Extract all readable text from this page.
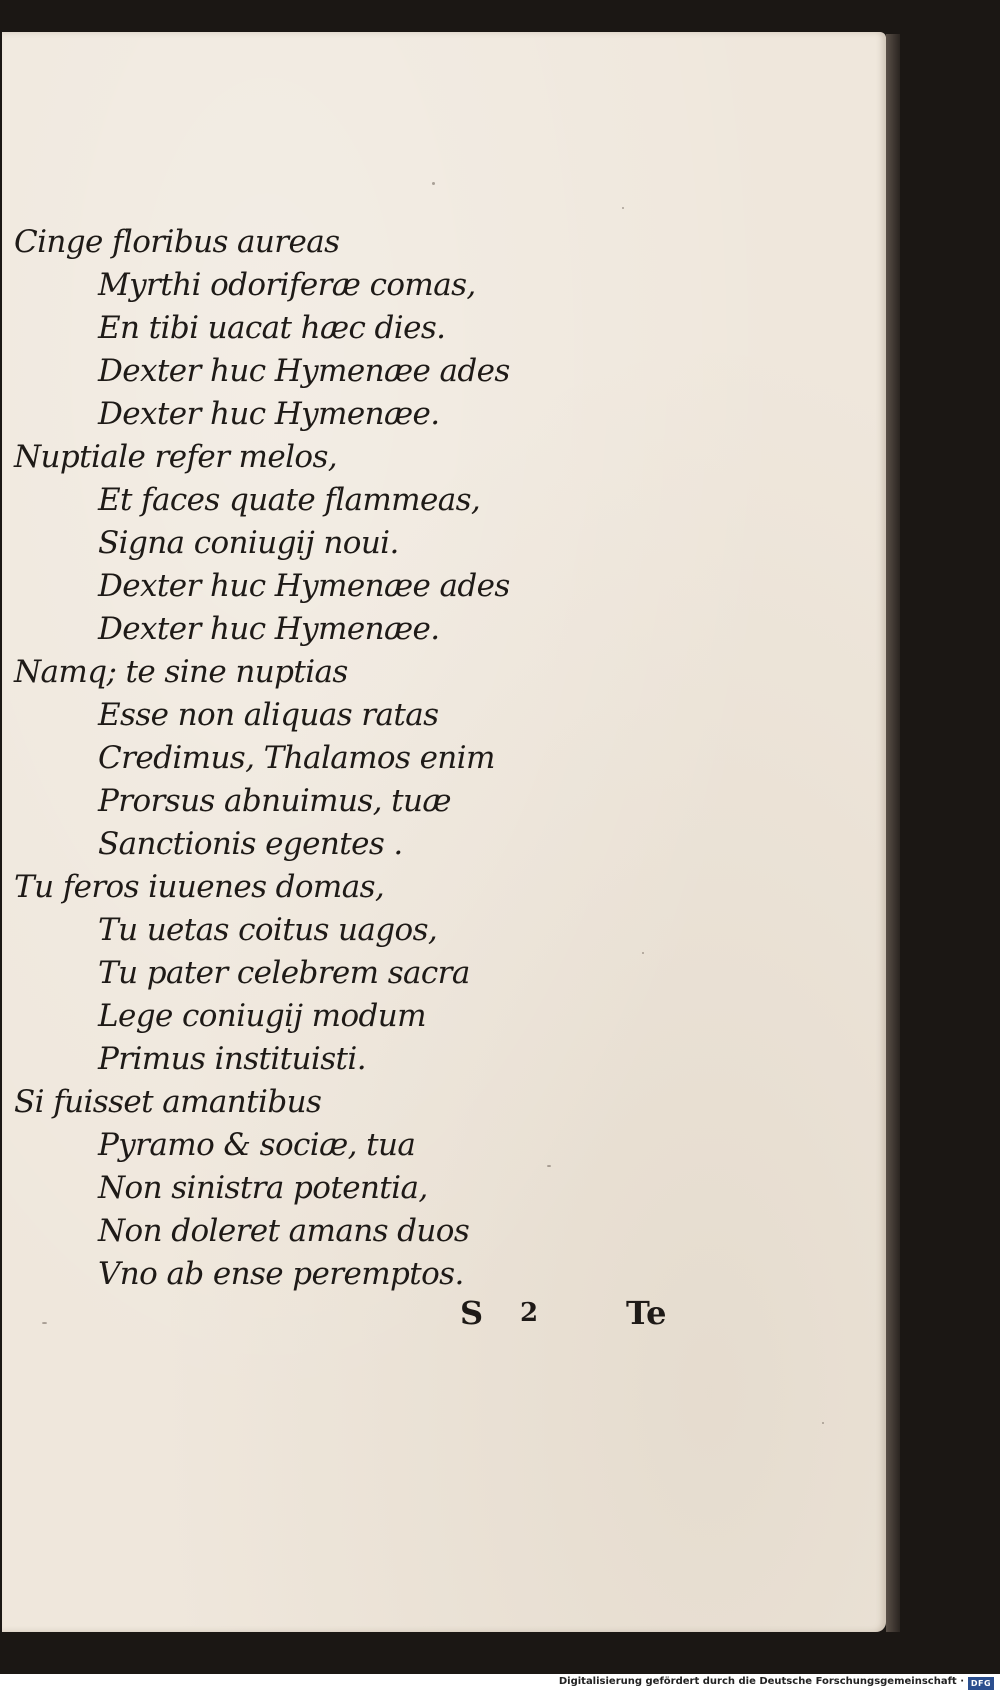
Cinge floribus aureas
Myrthi odoriferæ comas,
En tibi uacat hæc dies.
Dexter huc Hymenæe ades
Dexter huc Hymenæe.
Nuptiale refer melos,
Et faces quate flammeas,
Signa coniugij noui.
Dexter huc Hymenæe ades
Dexter huc Hymenæe.
Namq; te sine nuptias
Esse non aliquas ratas
Credimus, Thalamos enim
Prorsus abnuimus, tuæ
Sanctionis egentes .
Tu feros iuuenes domas,
Tu uetas coitus uagos,
Tu pater celebrem sacra
Lege coniugij modum
Primus instituisti.
Si fuisset amantibus
Pyramo & sociæ, tua
Non sinistra potentia,
Non doleret amans duos
Vno ab ense peremptos.
S 2	Te
Digitalisierung gefördert durch die Deutsche Forschungsgemeinschaft · DFG
